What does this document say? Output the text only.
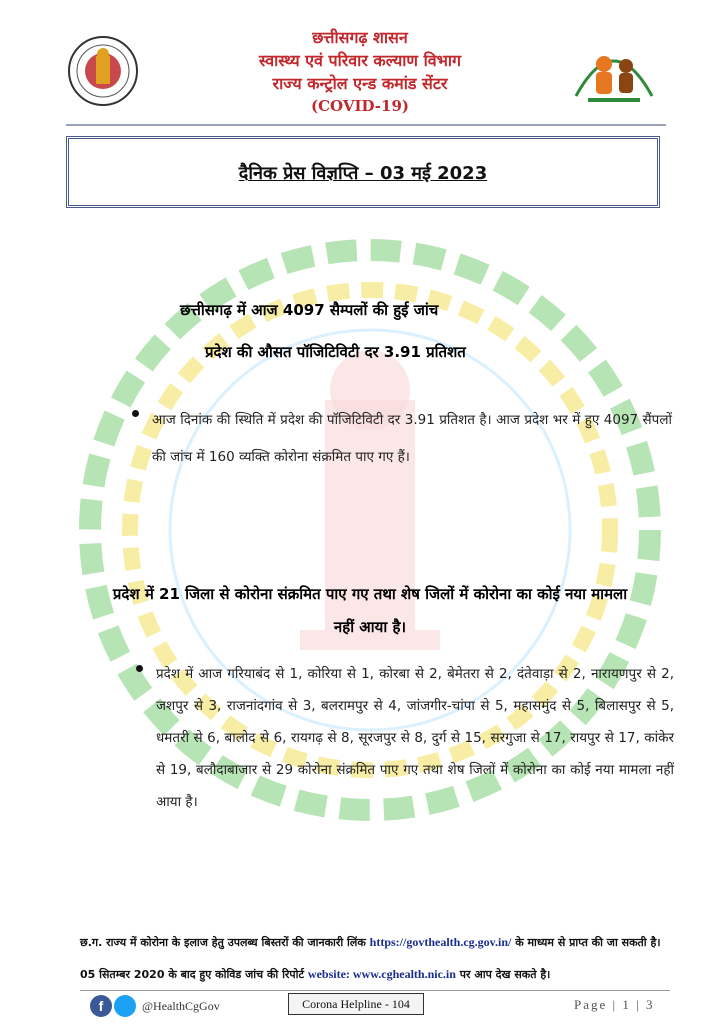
छत्तीसगढ़ शासन
स्वास्थ्य एवं परिवार कल्याण विभाग
राज्य कन्ट्रोल एन्ड कमांड सेंटर
(COVID-19)
दैनिक प्रेस विज्ञप्ति – 03 मई 2023
छत्तीसगढ़ में आज 4097 सैम्पलों की हुई जांच
प्रदेश की औसत पॉजिटिविटी दर 3.91 प्रतिशत
आज दिनांक की स्थिति में प्रदेश की पॉजिटिविटी दर 3.91 प्रतिशत है। आज प्रदेश भर में हुए 4097 सैंपलों की जांच में 160 व्यक्ति कोरोना संक्रमित पाए गए हैं।
प्रदेश में 21 जिला से कोरोना संक्रमित पाए गए तथा शेष जिलों में कोरोना का कोई नया मामला नहीं आया है।
प्रदेश में आज गरियाबंद से 1, कोरिया से 1, कोरबा से 2, बेमेतरा से 2, दंतेवाड़ा से 2, नारायणपुर से 2, जशपुर से 3, राजनांदगांव से 3, बलरामपुर से 4, जांजगीर-चांपा से 5, महासमुंद से 5, बिलासपुर से 5, धमतरी से 6, बालोद से 6, रायगढ़ से 8, सूरजपुर से 8, दुर्ग से 15, सरगुजा से 17, रायपुर से 17, कांकेर से 19, बलौदाबाजार से 29 कोरोना संक्रमित पाए गए तथा शेष जिलों में कोरोना का कोई नया मामला नहीं आया है।
छ.ग. राज्य में कोरोना के इलाज हेतु उपलब्ध बिस्तरों की जानकारी लिंक https://govthealth.cg.gov.in/ के माध्यम से प्राप्त की जा सकती है।
05 सितम्बर 2020 के बाद हुए कोविड जांच की रिपोर्ट website: www.cghealth.nic.in पर आप देख सकते है।
f	@HealthCgGov	Corona Helpline - 104	Page | 1 | 3
